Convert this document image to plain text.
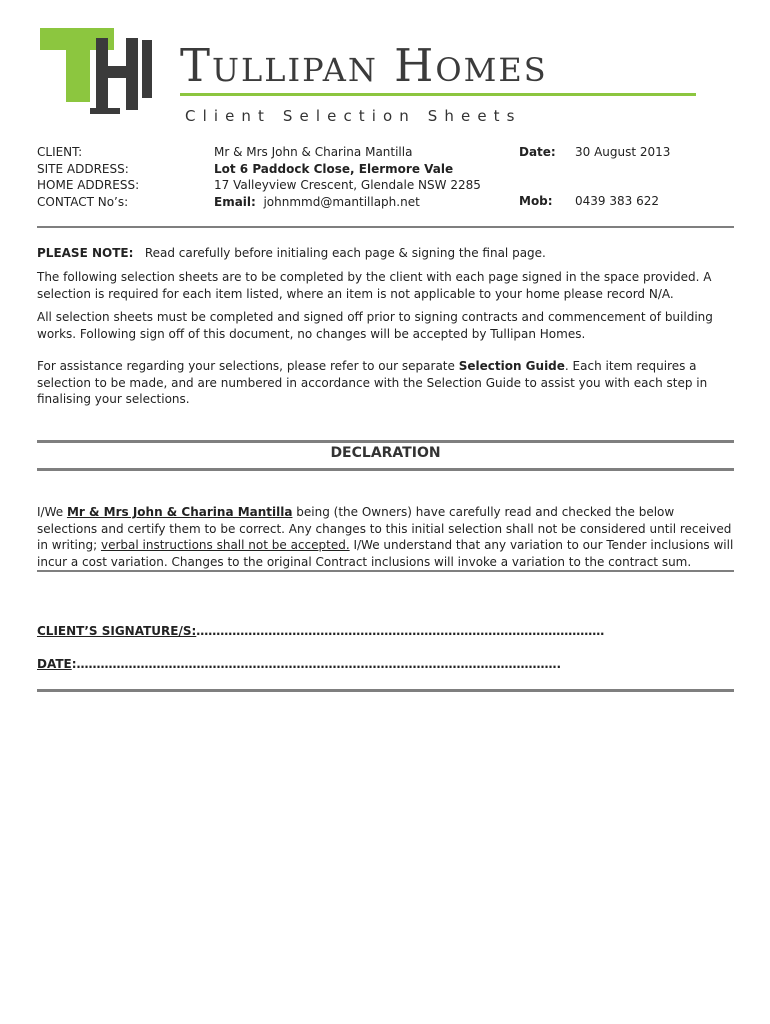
Tullipan Homes
Client Selection Sheets
CLIENT:
SITE ADDRESS:
HOME ADDRESS:
CONTACT No’s:
Mr & Mrs John & Charina Mantilla
Lot 6 Paddock Close, Elermore Vale
17 Valleyview Crescent, Glendale NSW 2285
Email: johnmmd@mantillaph.net
Date: 30 August 2013
Mob: 0439 383 622
PLEASE NOTE: Read carefully before initialing each page & signing the final page.

The following selection sheets are to be completed by the client with each page signed in the space provided. A selection is required for each item listed, where an item is not applicable to your home please record N/A.

All selection sheets must be completed and signed off prior to signing contracts and commencement of building works. Following sign off of this document, no changes will be accepted by Tullipan Homes.

For assistance regarding your selections, please refer to our separate Selection Guide. Each item requires a selection to be made, and are numbered in accordance with the Selection Guide to assist you with each step in finalising your selections.

DECLARATION

I/We Mr & Mrs John & Charina Mantilla being (the Owners) have carefully read and checked the below selections and certify them to be correct. Any changes to this initial selection shall not be considered until received in writing; verbal instructions shall not be accepted. I/We understand that any variation to our Tender inclusions will incur a cost variation. Changes to the original Contract inclusions will invoke a variation to the contract sum.

CLIENT’S SIGNATURE/S:…………………………………………………………………………………………
DATE:………………………………………………………………………………………………………….
